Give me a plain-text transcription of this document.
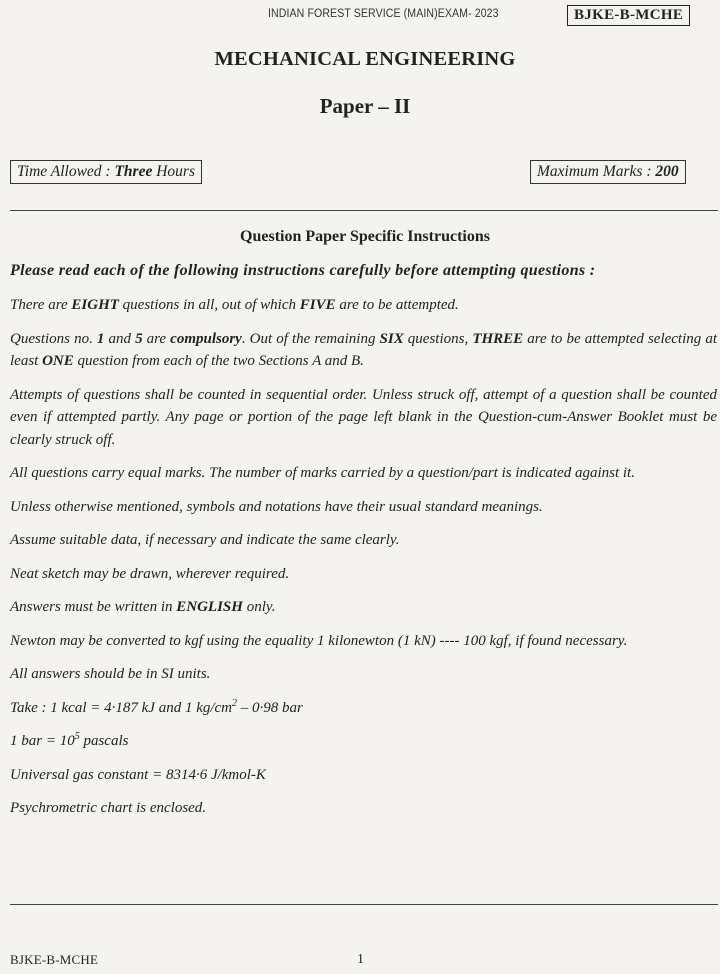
INDIAN FOREST SERVICE (MAIN)EXAM- 2023	BJKE-B-MCHE
MECHANICAL ENGINEERING
Paper – II
Time Allowed : Three Hours	Maximum Marks : 200
Question Paper Specific Instructions

Please read each of the following instructions carefully before attempting questions :

There are EIGHT questions in all, out of which FIVE are to be attempted.

Questions no. 1 and 5 are compulsory. Out of the remaining SIX questions, THREE are to be attempted selecting at least ONE question from each of the two Sections A and B.

Attempts of questions shall be counted in sequential order. Unless struck off, attempt of a question shall be counted even if attempted partly. Any page or portion of the page left blank in the Question-cum-Answer Booklet must be clearly struck off.

All questions carry equal marks. The number of marks carried by a question/part is indicated against it.

Unless otherwise mentioned, symbols and notations have their usual standard meanings.

Assume suitable data, if necessary and indicate the same clearly.

Neat sketch may be drawn, wherever required.

Answers must be written in ENGLISH only.

Newton may be converted to kgf using the equality 1 kilonewton (1 kN) ---- 100 kgf, if found necessary.

All answers should be in SI units.

Take : 1 kcal = 4·187 kJ and 1 $kg/cm^2 - 0\cdot 98$ bar

1 bar = $10^5$ pascals

Universal gas constant = 8314·6 J/kmol-K

Psychrometric chart is enclosed.

BJKE-B-MCHE	1
